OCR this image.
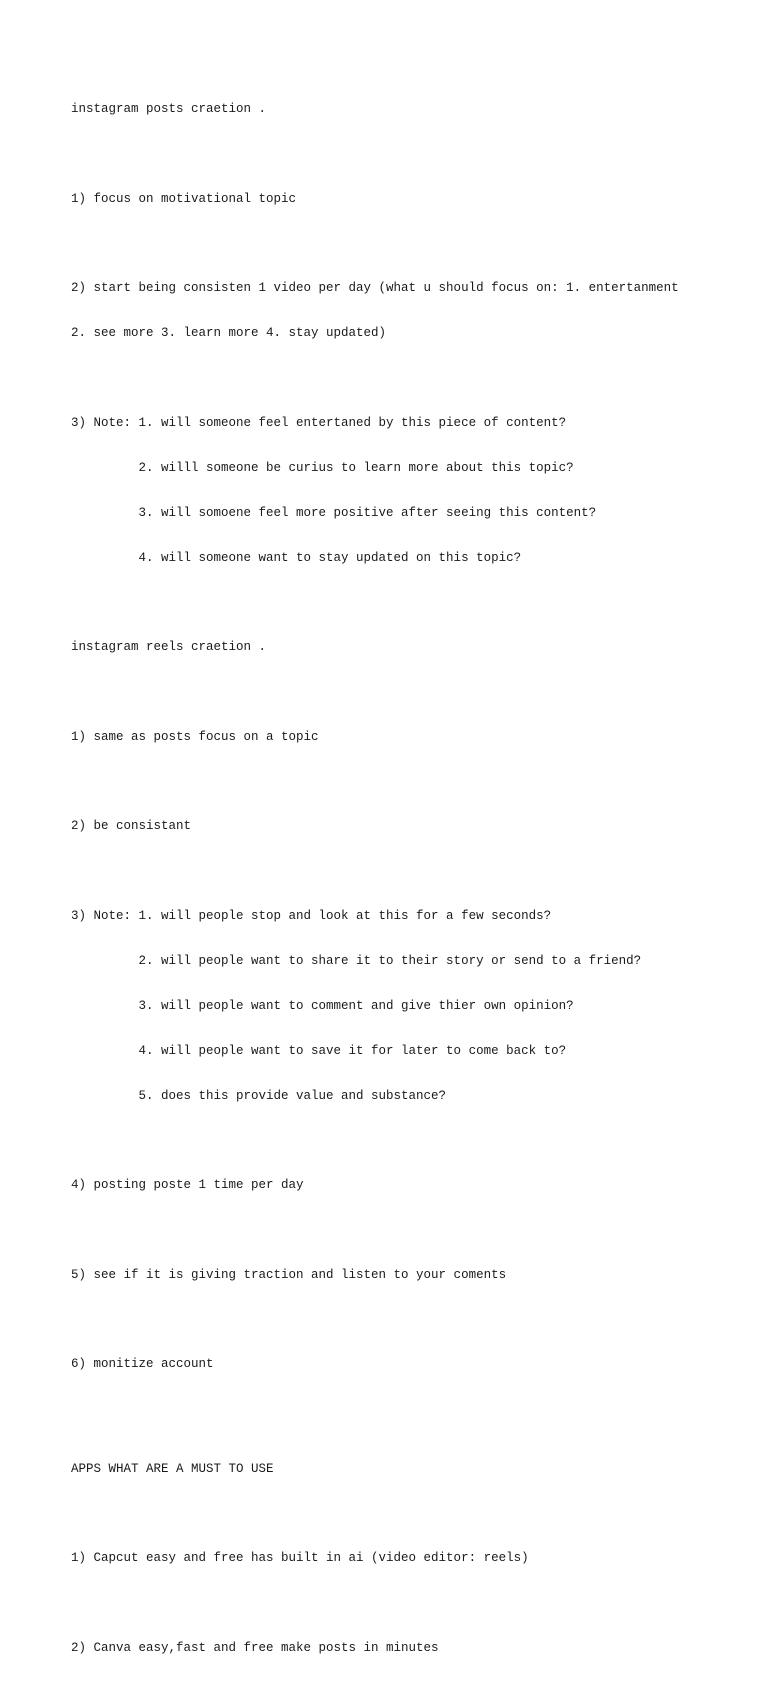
instagram posts craetion .

1) focus on motivational topic

2) start being consisten 1 video per day (what u should focus on: 1. entertanment

2. see more 3. learn more 4. stay updated)

3) Note: 1. will someone feel entertaned by this piece of content?

2. willl someone be curius to learn more about this topic?

3. will somoene feel more positive after seeing this content?

4. will someone want to stay updated on this topic?

instagram reels craetion .

1) same as posts focus on a topic

2) be consistant

3) Note: 1. will people stop and look at this for a few seconds?

2. will people want to share it to their story or send to a friend?

3. will people want to comment and give thier own opinion?

4. will people want to save it for later to come back to?

5. does this provide value and substance?

4) posting poste 1 time per day

5) see if it is giving traction and listen to your coments

6) monitize account

APPS WHAT ARE A MUST TO USE

1) Capcut easy and free has built in ai (video editor: reels)

2) Canva easy,fast and free make posts in minutes
